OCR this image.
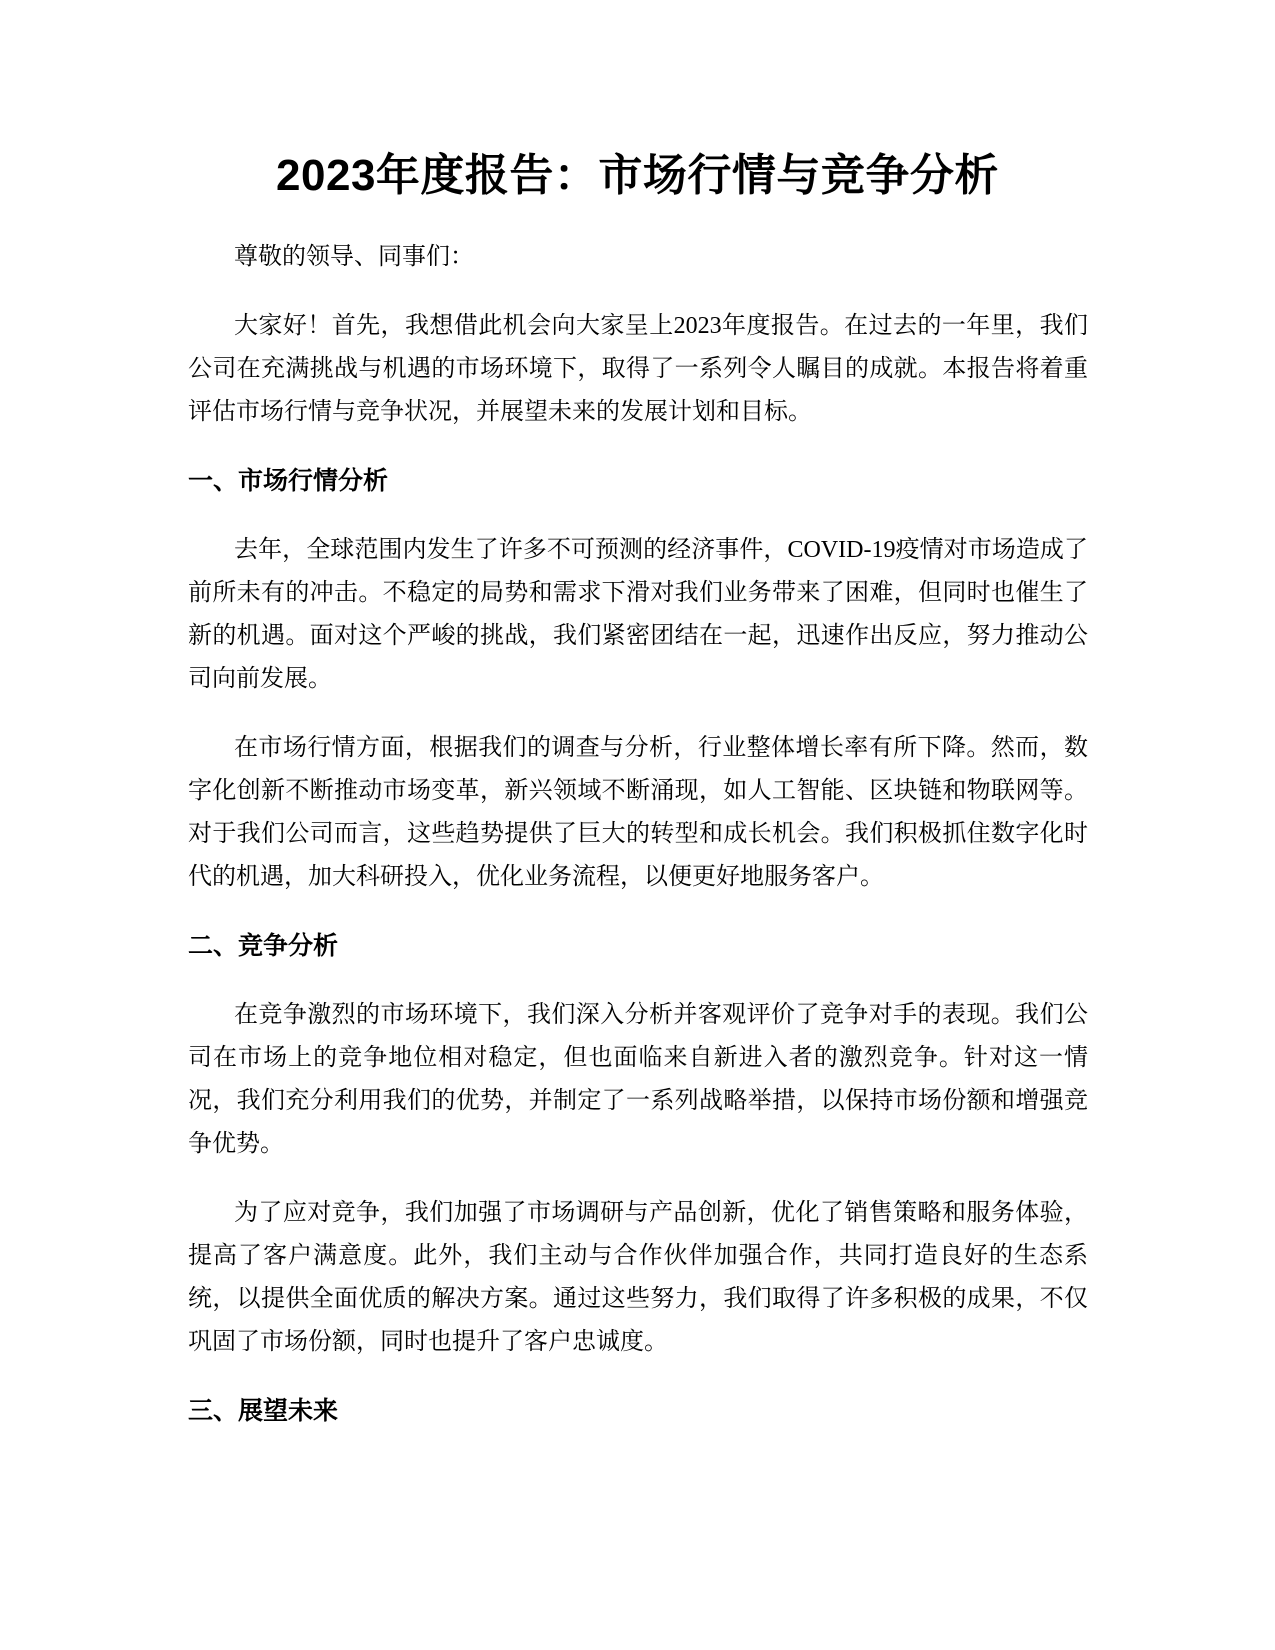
2023年度报告：市场行情与竞争分析

尊敬的领导、同事们：

大家好！首先，我想借此机会向大家呈上2023年度报告。在过去的一年里，我们公司在充满挑战与机遇的市场环境下，取得了一系列令人瞩目的成就。本报告将着重评估市场行情与竞争状况，并展望未来的发展计划和目标。

一、市场行情分析

去年，全球范围内发生了许多不可预测的经济事件，COVID-19疫情对市场造成了前所未有的冲击。不稳定的局势和需求下滑对我们业务带来了困难，但同时也催生了新的机遇。面对这个严峻的挑战，我们紧密团结在一起，迅速作出反应，努力推动公司向前发展。

在市场行情方面，根据我们的调查与分析，行业整体增长率有所下降。然而，数字化创新不断推动市场变革，新兴领域不断涌现，如人工智能、区块链和物联网等。对于我们公司而言，这些趋势提供了巨大的转型和成长机会。我们积极抓住数字化时代的机遇，加大科研投入，优化业务流程，以便更好地服务客户。

二、竞争分析

在竞争激烈的市场环境下，我们深入分析并客观评价了竞争对手的表现。我们公司在市场上的竞争地位相对稳定，但也面临来自新进入者的激烈竞争。针对这一情况，我们充分利用我们的优势，并制定了一系列战略举措，以保持市场份额和增强竞争优势。

为了应对竞争，我们加强了市场调研与产品创新，优化了销售策略和服务体验，提高了客户满意度。此外，我们主动与合作伙伴加强合作，共同打造良好的生态系统，以提供全面优质的解决方案。通过这些努力，我们取得了许多积极的成果，不仅巩固了市场份额，同时也提升了客户忠诚度。

三、展望未来
